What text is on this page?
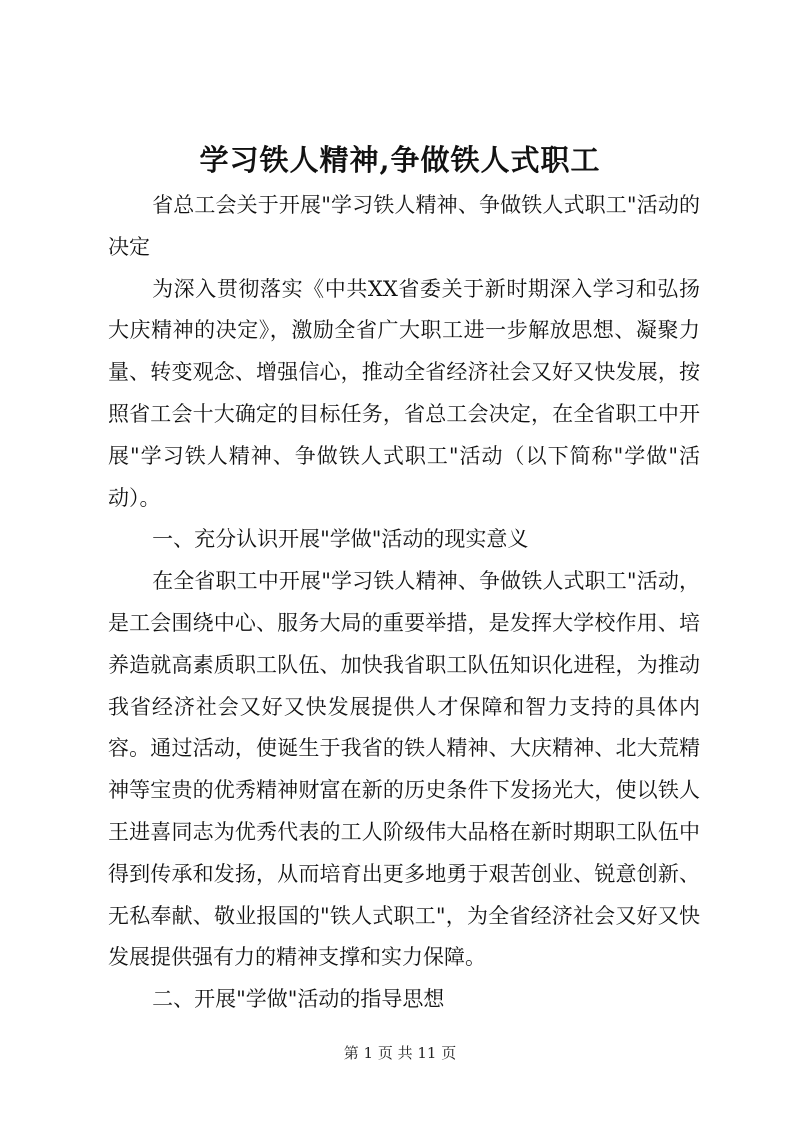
学习铁人精神,争做铁人式职工

省总工会关于开展"学习铁人精神、争做铁人式职工"活动的决定

为深入贯彻落实《中共XX省委关于新时期深入学习和弘扬大庆精神的决定》，激励全省广大职工进一步解放思想、凝聚力量、转变观念、增强信心，推动全省经济社会又好又快发展，按照省工会十大确定的目标任务，省总工会决定，在全省职工中开展"学习铁人精神、争做铁人式职工"活动（以下简称"学做"活动）。

一、充分认识开展"学做"活动的现实意义

在全省职工中开展"学习铁人精神、争做铁人式职工"活动，是工会围绕中心、服务大局的重要举措，是发挥大学校作用、培养造就高素质职工队伍、加快我省职工队伍知识化进程，为推动我省经济社会又好又快发展提供人才保障和智力支持的具体内容。通过活动，使诞生于我省的铁人精神、大庆精神、北大荒精神等宝贵的优秀精神财富在新的历史条件下发扬光大，使以铁人王进喜同志为优秀代表的工人阶级伟大品格在新时期职工队伍中得到传承和发扬，从而培育出更多地勇于艰苦创业、锐意创新、无私奉献、敬业报国的"铁人式职工"，为全省经济社会又好又快发展提供强有力的精神支撑和实力保障。

二、开展"学做"活动的指导思想

第 1 页 共 11 页
